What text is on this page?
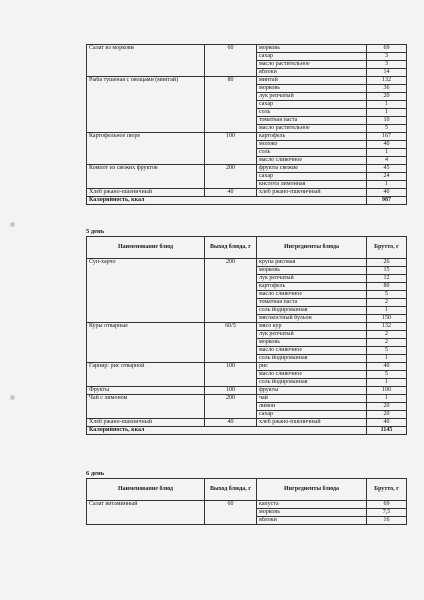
Салат из моркови	60	морковь	69
		сахар	3
		масло растительное	3
		яблоки	14
Рыба тушеная с овощами (минтай)	80	минтай	132
		морковь	36
		лук репчатый	20
		сахар	1
		соль	1
		томатная паста	10
		масло растительное	5
Картофельное пюре	100	картофель	167
		молоко	40
		соль	1
		масло сливочное	4
Компот из свежих фруктов	200	фрукты свежие	45
		сахар	24
		кислота лимонная	1
Хлеб ржано-пшеничный	40	хлеб ржано-пшеничный	40
Калорийность, ккал			987
5 день
Наименование блюд	Выход блюда, г	Ингредиенты блюда	Брутто, г
Суп-харчо	200	крупа рисовая	26
		морковь	15
		лук репчатый	12
		картофель	80
		масло сливочное	5
		томатная паста	2
		соль йодированная	1
		мясокостный бульон	150
Куры отварные	60/5	мясо кур	132
		лук репчатый	2
		морковь	2
		масло сливочное	5
		соль йодированная	1
Гарнир: рис отварной	100	рис	40
		масло сливочное	5
		соль йодированная	1
Фрукты	100	фрукты	100
Чай с лимоном	200	чай	1
		лимон	20
		сахар	20
Хлеб ржано-пшеничный	40	хлеб ржано-пшеничный	40
Калорийность, ккал			1145
6 день
Наименование блюд	Выход блюда, г	Ингредиенты блюда	Брутто, г
Салат витаминный	60	капуста	69
		морковь	7,5
		яблоки	16
